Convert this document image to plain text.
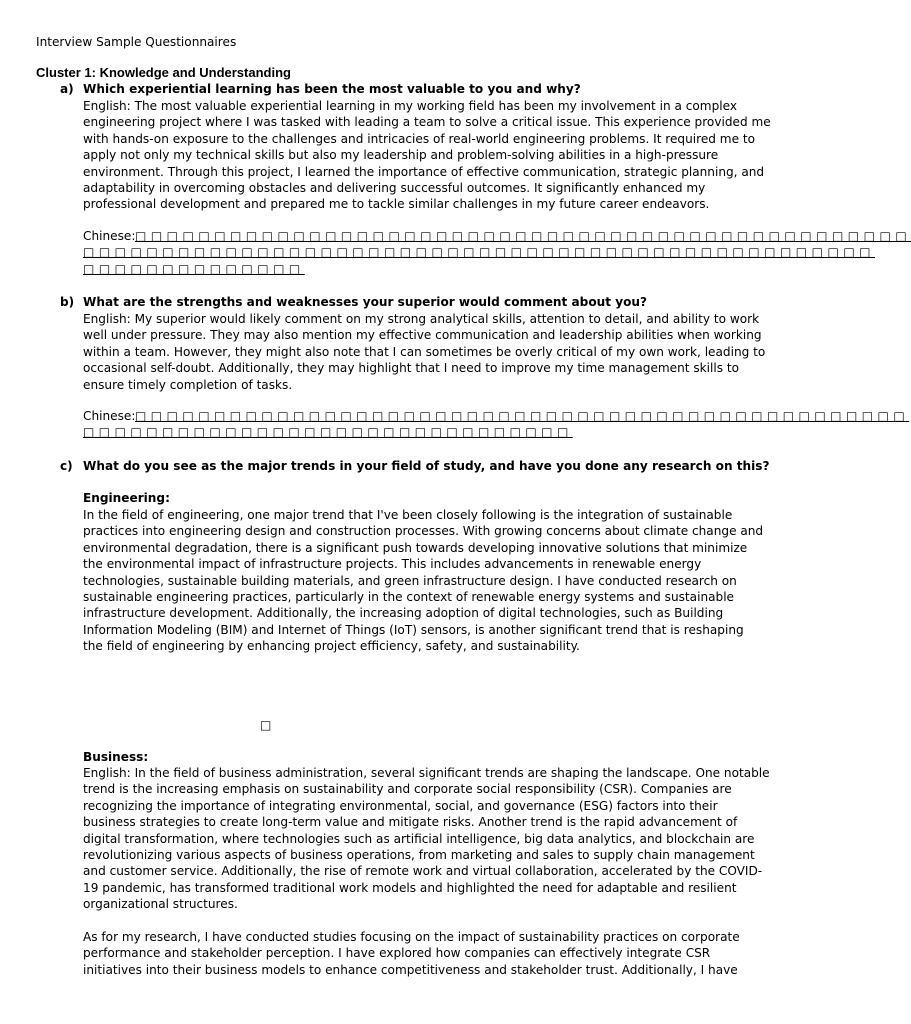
Interview Sample Questionnaires
Cluster 1: Knowledge and Understanding
a) Which experiential learning has been the most valuable to you and why?
English: The most valuable experiential learning in my working field has been my involvement in a complex
engineering project where I was tasked with leading a team to solve a critical issue. This experience provided me
with hands-on exposure to the challenges and intricacies of real-world engineering problems. It required me to
apply not only my technical skills but also my leadership and problem-solving abilities in a high-pressure
environment. Through this project, I learned the importance of effective communication, strategic planning, and
adaptability in overcoming obstacles and delivering successful outcomes. It significantly enhanced my
professional development and prepared me to tackle similar challenges in my future career endeavors.
Chinese: □□□□□□□□□□□□□□□□□□□□□□□□□□□□□□□□□□□□□□□□□□□□□□□□□
□□□□□□□□□□□□□□□□□□□□□□□□□□□□□□□□□□□□□□□□□□□□□□□□□□
□□□□□□□□□□□□□□
b) What are the strengths and weaknesses your superior would comment about you?
English: My superior would likely comment on my strong analytical skills, attention to detail, and ability to work
well under pressure. They may also mention my effective communication and leadership abilities when working
within a team. However, they might also note that I can sometimes be overly critical of my own work, leading to
occasional self-doubt. Additionally, they may highlight that I need to improve my time management skills to
ensure timely completion of tasks.
Chinese: □□□□□□□□□□□□□□□□□□□□□□□□□□□□□□□□□□□□□□□□□□□□□□□□□
□□□□□□□□□□□□□□□□□□□□□□□□□□□□□□□
c) What do you see as the major trends in your field of study, and have you done any research on this?
Engineering:
In the field of engineering, one major trend that I've been closely following is the integration of sustainable
practices into engineering design and construction processes. With growing concerns about climate change and
environmental degradation, there is a significant push towards developing innovative solutions that minimize
the environmental impact of infrastructure projects. This includes advancements in renewable energy
technologies, sustainable building materials, and green infrastructure design. I have conducted research on
sustainable engineering practices, particularly in the context of renewable energy systems and sustainable
infrastructure development. Additionally, the increasing adoption of digital technologies, such as Building
Information Modeling (BIM) and Internet of Things (IoT) sensors, is another significant trend that is reshaping
the field of engineering by enhancing project efficiency, safety, and sustainability.
□
Business:
English: In the field of business administration, several significant trends are shaping the landscape. One notable
trend is the increasing emphasis on sustainability and corporate social responsibility (CSR). Companies are
recognizing the importance of integrating environmental, social, and governance (ESG) factors into their
business strategies to create long-term value and mitigate risks. Another trend is the rapid advancement of
digital transformation, where technologies such as artificial intelligence, big data analytics, and blockchain are
revolutionizing various aspects of business operations, from marketing and sales to supply chain management
and customer service. Additionally, the rise of remote work and virtual collaboration, accelerated by the COVID-
19 pandemic, has transformed traditional work models and highlighted the need for adaptable and resilient
organizational structures.
As for my research, I have conducted studies focusing on the impact of sustainability practices on corporate
performance and stakeholder perception. I have explored how companies can effectively integrate CSR
initiatives into their business models to enhance competitiveness and stakeholder trust. Additionally, I have
